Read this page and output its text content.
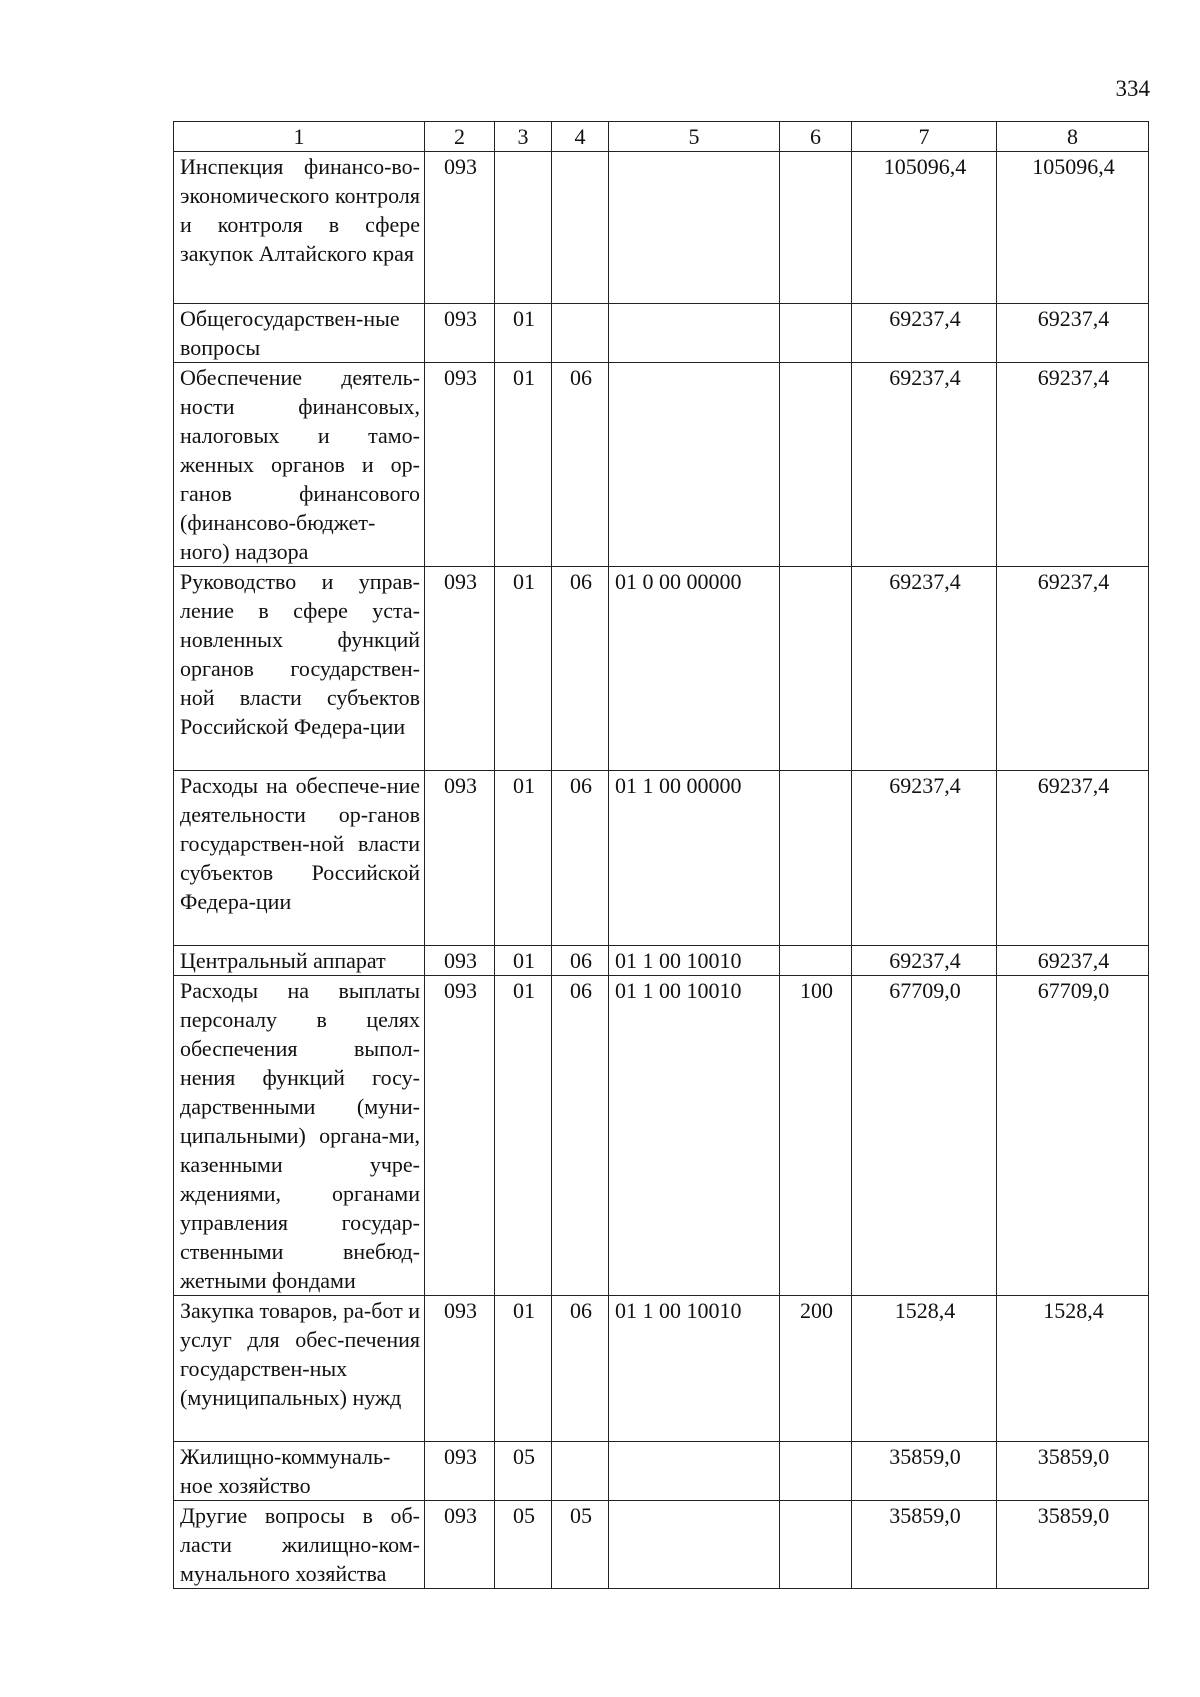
334
1	2	3	4	5	6	7	8
Инспекция финансо-во-экономического контроля и контроля в сфере закупок Алтайского края	093					105096,4	105096,4
Общегосударствен-ные вопросы	093	01				69237,4	69237,4
Обеспечение деятель-ности финансовых, налоговых и тамо-женных органов и ор-ганов финансового (финансово-бюджет-ного) надзора	093	01	06			69237,4	69237,4
Руководство и управ-ление в сфере уста-новленных функций органов государствен-ной власти субъектов Российской Федера-ции	093	01	06	01 0 00 00000		69237,4	69237,4
Расходы на обеспече-ние деятельности ор-ганов государствен-ной власти субъектов Российской Федера-ции	093	01	06	01 1 00 00000		69237,4	69237,4
Центральный аппарат	093	01	06	01 1 00 10010		69237,4	69237,4
Расходы на выплаты персоналу в целях обеспечения выпол-нения функций госу-дарственными (муни-ципальными) органа-ми, казенными учре-ждениями, органами управления государ-ственными внебюд-жетными фондами	093	01	06	01 1 00 10010	100	67709,0	67709,0
Закупка товаров, ра-бот и услуг для обес-печения государствен-ных (муниципальных) нужд	093	01	06	01 1 00 10010	200	1528,4	1528,4
Жилищно-коммуналь-ное хозяйство	093	05				35859,0	35859,0
Другие вопросы в об-ласти жилищно-ком-мунального хозяйства	093	05	05			35859,0	35859,0
